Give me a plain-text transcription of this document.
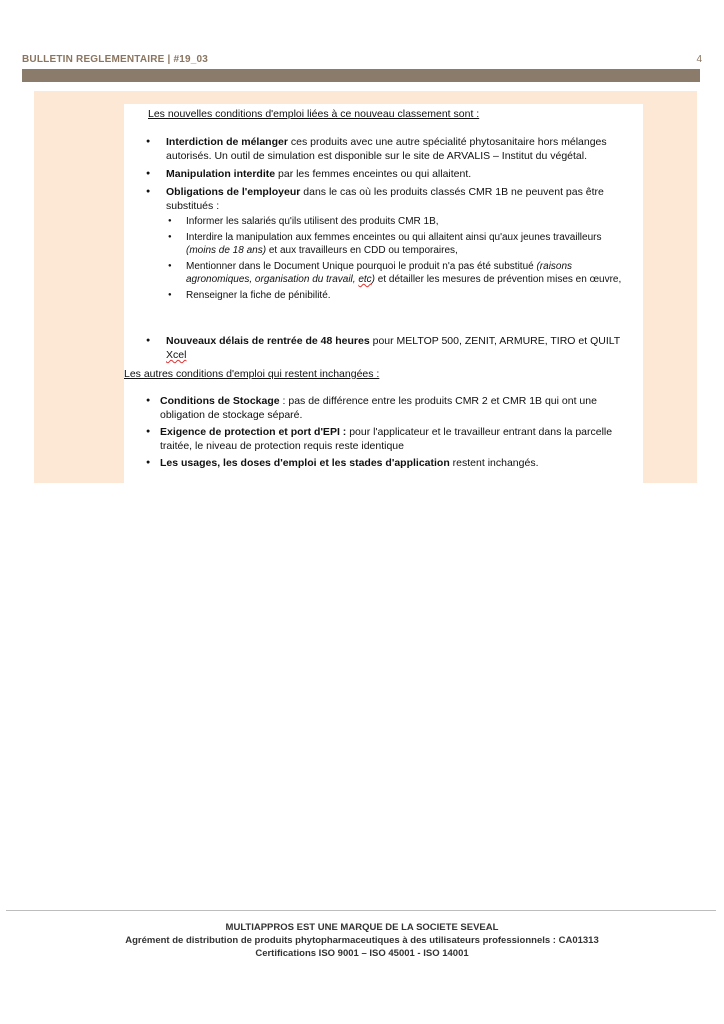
BULLETIN REGLEMENTAIRE | #19_03	4

Les nouvelles conditions d'emploi liées à ce nouveau classement sont :

● Interdiction de mélanger ces produits avec une autre spécialité phytosanitaire hors mélanges autorisés. Un outil de simulation est disponible sur le site de ARVALIS – Institut du végétal.

● Manipulation interdite par les femmes enceintes ou qui allaitent.

● Obligations de l'employeur dans le cas où les produits classés CMR 1B ne peuvent pas être substitués :

● Informer les salariés qu'ils utilisent des produits CMR 1B,
● Interdire la manipulation aux femmes enceintes ou qui allaitent ainsi qu'aux jeunes travailleurs (moins de 18 ans) et aux travailleurs en CDD ou temporaires,
● Mentionner dans le Document Unique pourquoi le produit n'a pas été substitué (raisons agronomiques, organisation du travail, etc) et détailler les mesures de prévention mises en œuvre,
● Renseigner la fiche de pénibilité.

● Nouveaux délais de rentrée de 48 heures pour MELTOP 500, ZENIT, ARMURE, TIRO et QUILT Xcel

Les autres conditions d'emploi qui restent inchangées :

● Conditions de Stockage : pas de différence entre les produits CMR 2 et CMR 1B qui ont une obligation de stockage séparé.

● Exigence de protection et port d'EPI : pour l'applicateur et le travailleur entrant dans la parcelle traitée, le niveau de protection requis reste identique

● Les usages, les doses d'emploi et les stades d'application restent inchangés.

MULTIAPPROS EST UNE MARQUE DE LA SOCIETE SEVEAL
Agrément de distribution de produits phytopharmaceutiques à des utilisateurs professionnels : CA01313
Certifications ISO 9001 – ISO 45001 - ISO 14001
